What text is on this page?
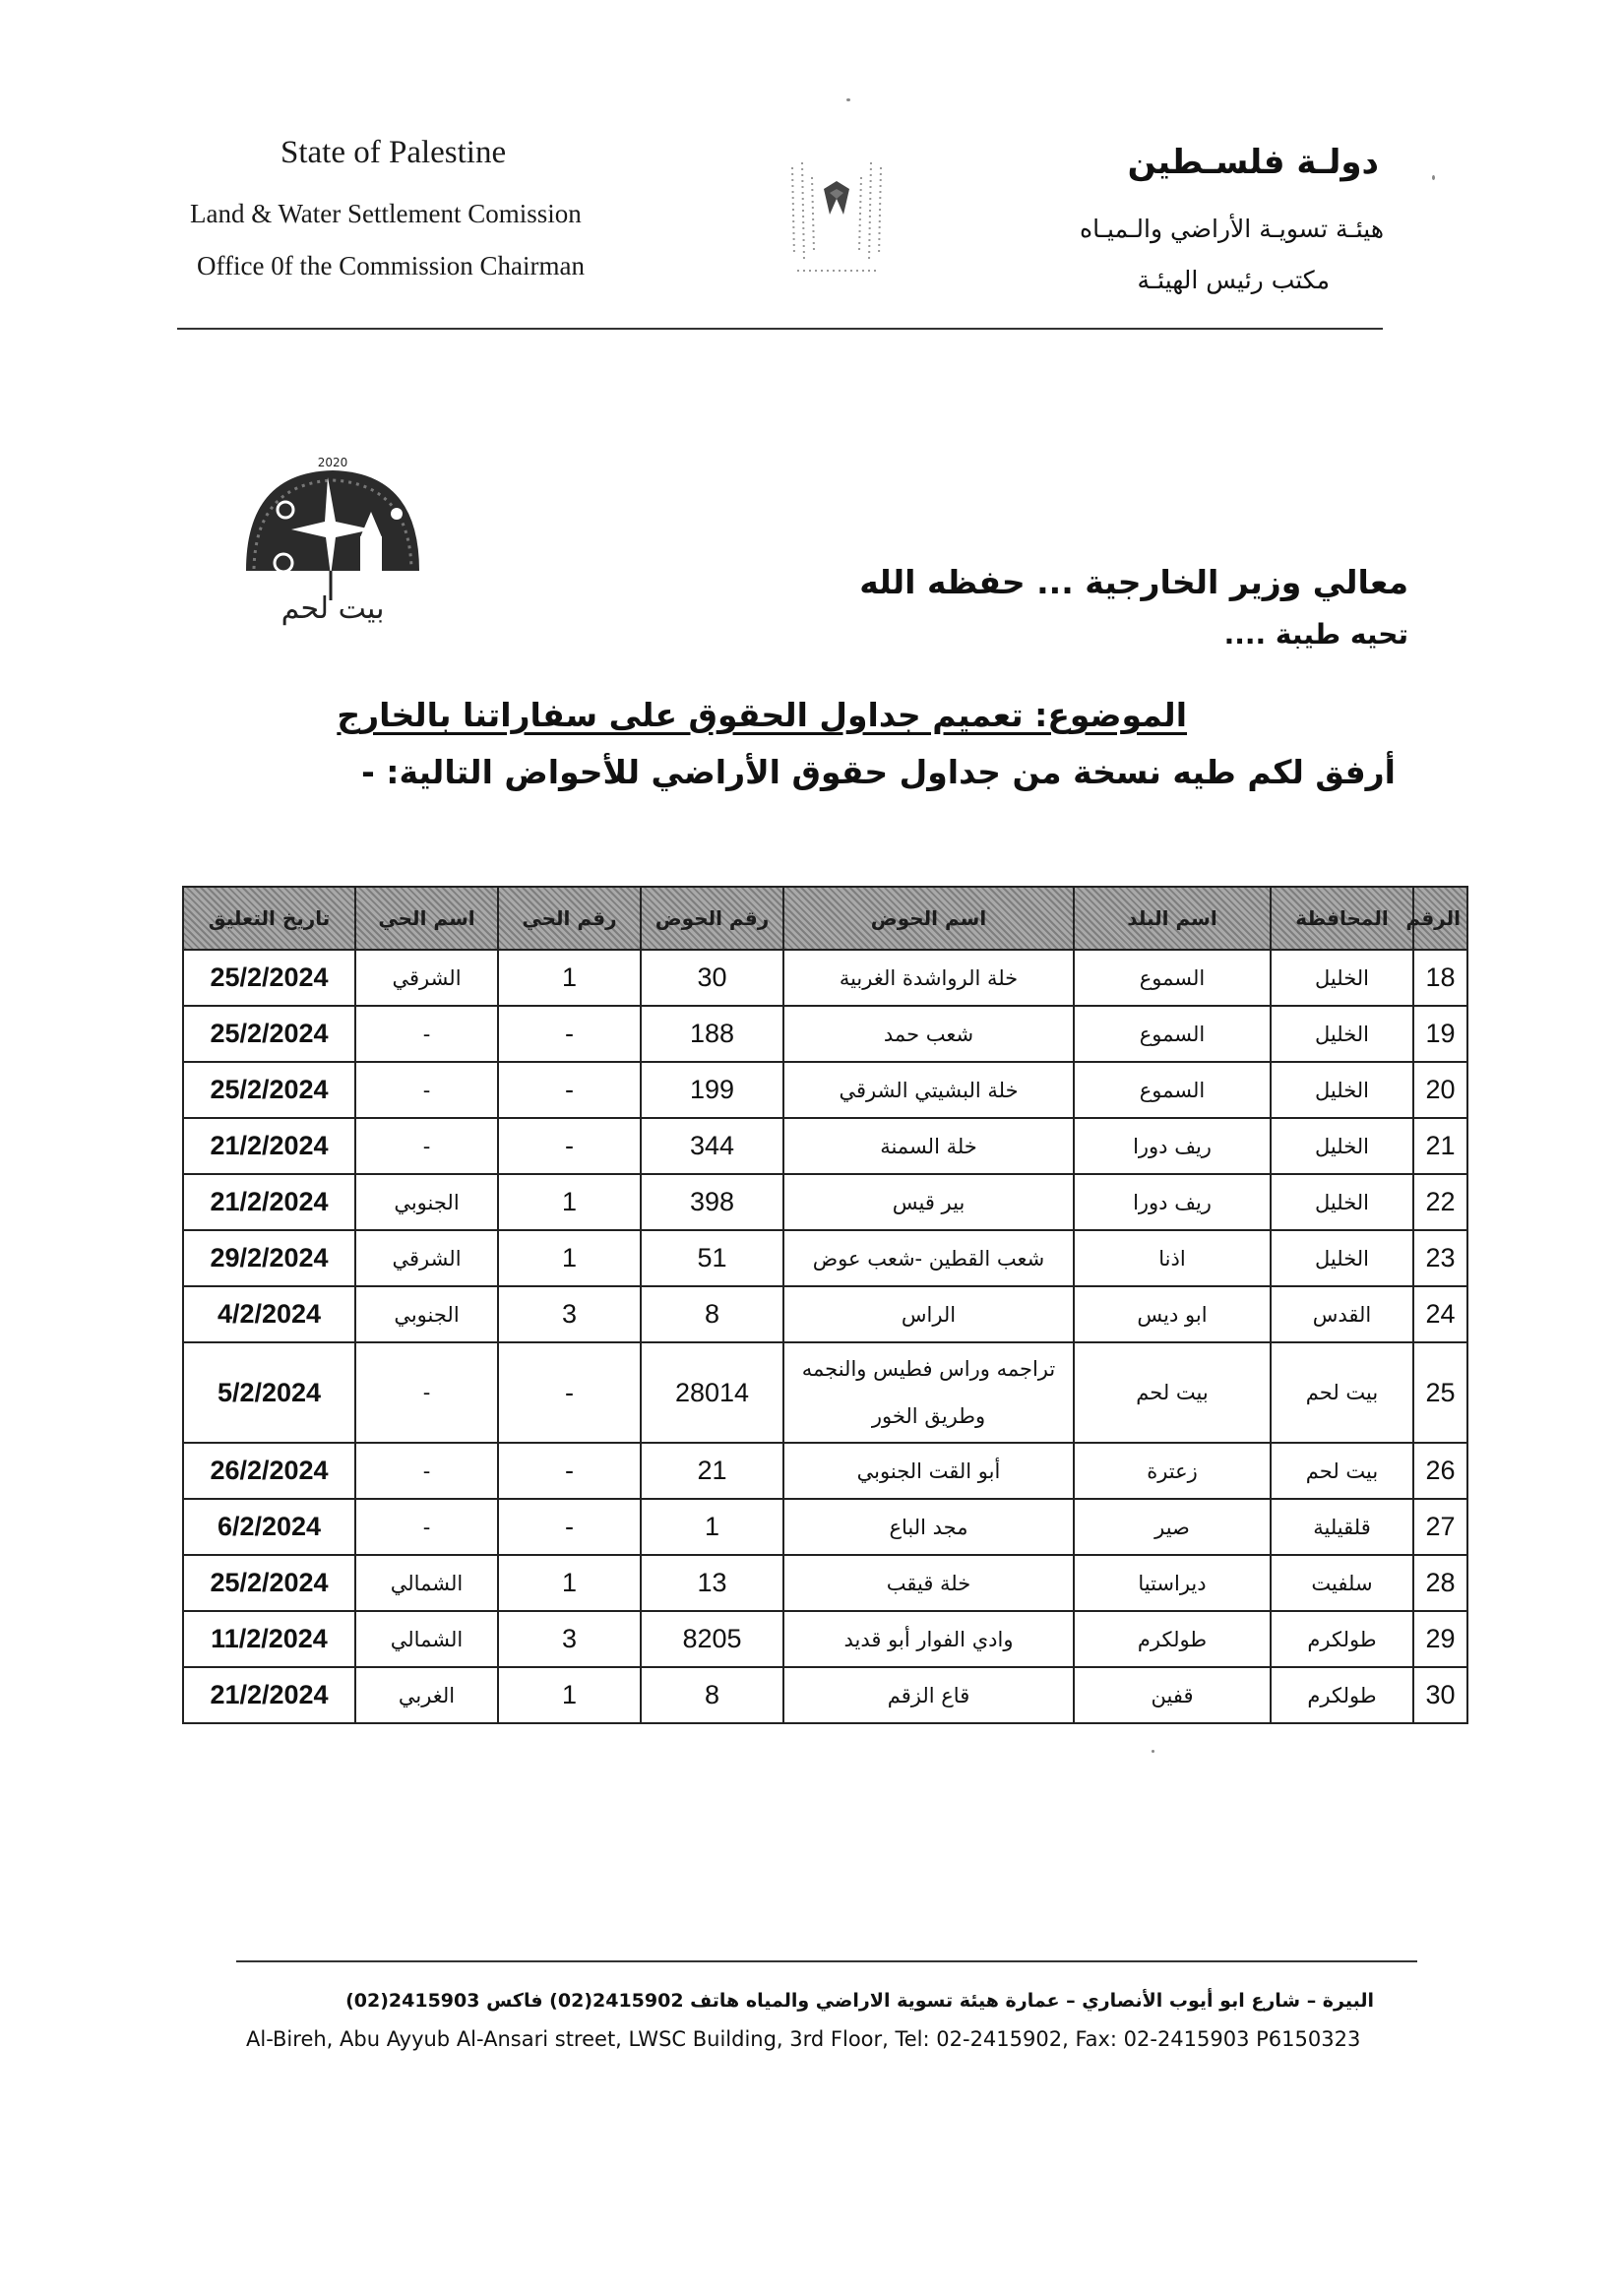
State of Palestine
Land & Water Settlement Comission
Office 0f the Commission Chairman
دولـة فلسـطين
هيئـة تسويـة الأراضي والـميـاه
مكتب رئيس الهيئـة
2020
بيت لحم
معالي وزير الخارجية ... حفظه الله
تحيه طيبة ....
الموضوع: تعميم جداول الحقوق على سفاراتنا بالخارج
أرفق لكم طيه نسخة من جداول حقوق الأراضي للأحواض التالية: -
الرقم	المحافظة	اسم البلد	اسم الحوض	رقم الحوض	رقم الحي	اسم الحي	تاريخ التعليق
18	الخليل	السموع	خلة الرواشدة الغربية	30	1	الشرقي	25/2/2024
19	الخليل	السموع	شعب حمد	188	-	-	25/2/2024
20	الخليل	السموع	خلة البشيتي الشرقي	199	-	-	25/2/2024
21	الخليل	ريف دورا	خلة السمنة	344	-	-	21/2/2024
22	الخليل	ريف دورا	بير قيس	398	1	الجنوبي	21/2/2024
23	الخليل	اذنا	شعب القطين -شعب عوض	51	1	الشرقي	29/2/2024
24	القدس	ابو ديس	الراس	8	3	الجنوبي	4/2/2024
25	بيت لحم	بيت لحم	تراجمه وراس فطيس والنجمه وطريق الخور	28014	-	-	5/2/2024
26	بيت لحم	زعترة	أبو القت الجنوبي	21	-	-	26/2/2024
27	قلقيلية	صير	مجد الباع	1	-	-	6/2/2024
28	سلفيت	ديراستيا	خلة قيقب	13	1	الشمالي	25/2/2024
29	طولكرم	طولكرم	وادي الفوار أبو قديد	8205	3	الشمالي	11/2/2024
30	طولكرم	قفين	قاع الزقم	8	1	الغربي	21/2/2024
البيرة – شارع ابو أيوب الأنصاري – عمارة هيئة تسوية الاراضي والمياه هاتف 2415902(02) فاكس 2415903(02)
Al-Bireh, Abu Ayyub Al-Ansari street, LWSC Building, 3rd Floor, Tel: 02-2415902, Fax: 02-2415903 P6150323
